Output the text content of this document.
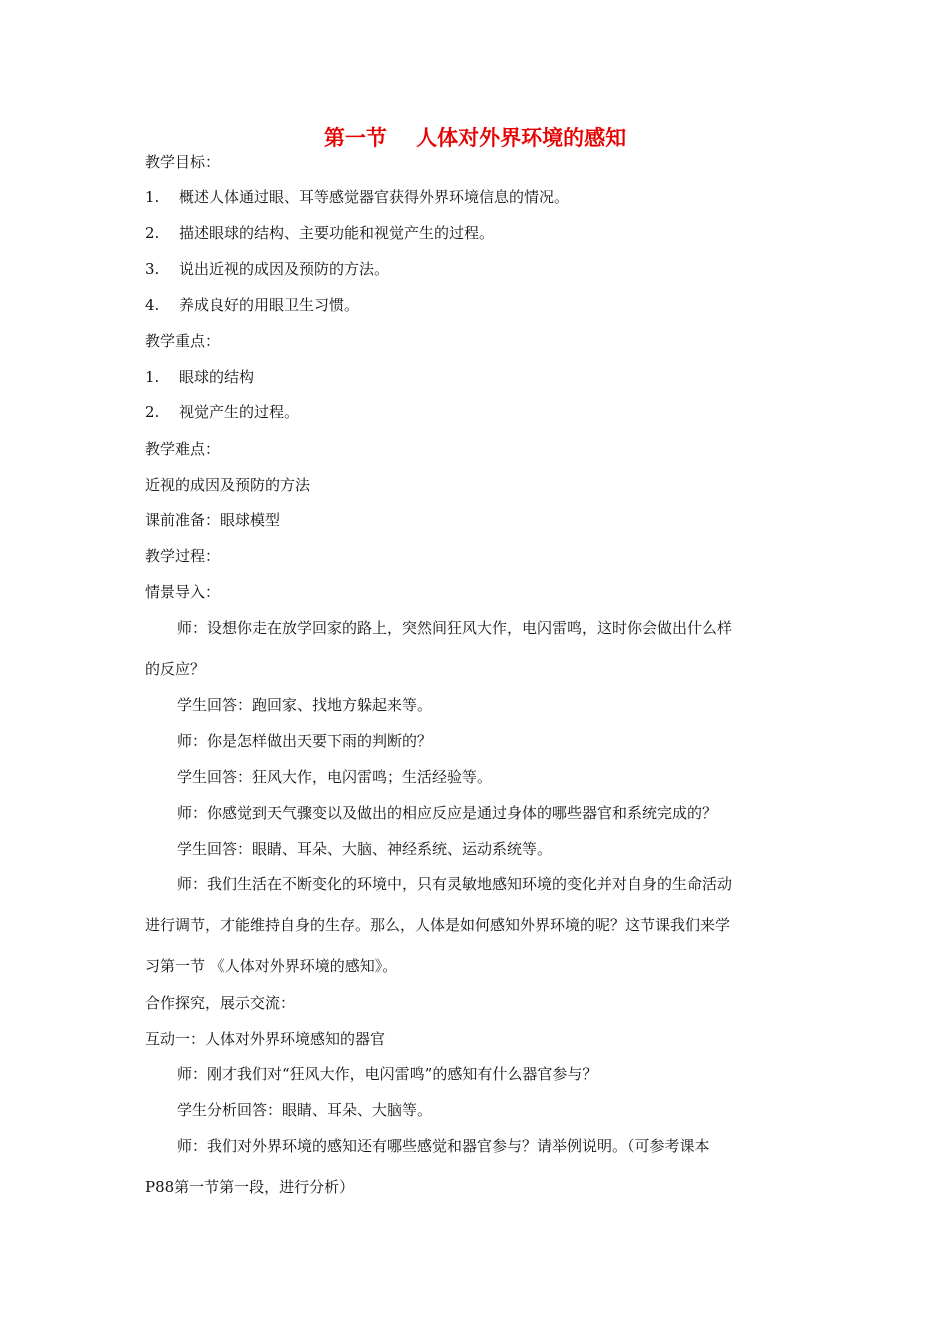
第一节    人体对外界环境的感知
教学目标：
1. 概述人体通过眼、耳等感觉器官获得外界环境信息的情况。
2. 描述眼球的结构、主要功能和视觉产生的过程。
3. 说出近视的成因及预防的方法。
4. 养成良好的用眼卫生习惯。
教学重点：
1. 眼球的结构
2. 视觉产生的过程。
教学难点：
近视的成因及预防的方法
课前准备：眼球模型
教学过程：
情景导入：
师：设想你走在放学回家的路上，突然间狂风大作，电闪雷鸣，这时你会做出什么样
的反应？
学生回答：跑回家、找地方躲起来等。
师：你是怎样做出天要下雨的判断的？
学生回答：狂风大作，电闪雷鸣；生活经验等。
师：你感觉到天气骤变以及做出的相应反应是通过身体的哪些器官和系统完成的？
学生回答：眼睛、耳朵、大脑、神经系统、运动系统等。
师：我们生活在不断变化的环境中，只有灵敏地感知环境的变化并对自身的生命活动
进行调节，才能维持自身的生存。那么，人体是如何感知外界环境的呢？这节课我们来学
习第一节 《人体对外界环境的感知》。
合作探究，展示交流：
互动一：人体对外界环境感知的器官
师：刚才我们对“狂风大作，电闪雷鸣”的感知有什么器官参与？
学生分析回答：眼睛、耳朵、大脑等。
师：我们对外界环境的感知还有哪些感觉和器官参与？请举例说明。（可参考课本
P88第一节第一段，进行分析）
